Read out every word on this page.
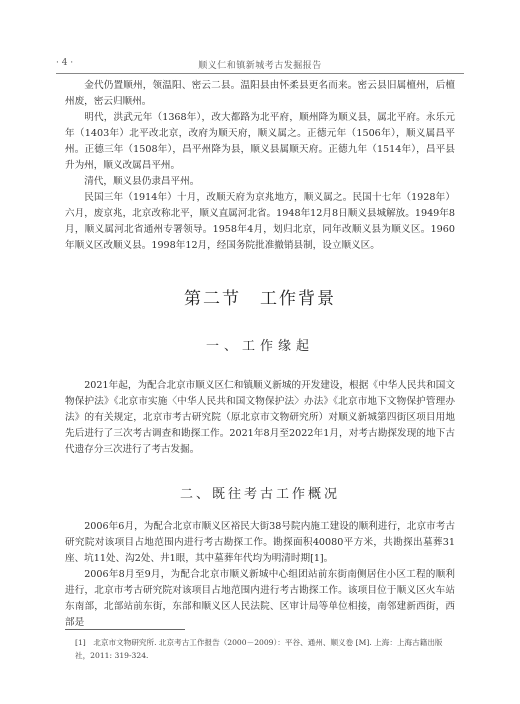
· 4 ·	顺义仁和镇新城考古发掘报告

金代仍置顺州，领温阳、密云二县。温阳县由怀柔县更名而来。密云县旧属檀州，后檀州废，密云归顺州。

明代，洪武元年（1368年），改大都路为北平府，顺州降为顺义县，属北平府。永乐元年（1403年）北平改北京，改府为顺天府，顺义属之。正德元年（1506年），顺义属昌平州。正德三年（1508年），昌平州降为县，顺义县属顺天府。正德九年（1514年），昌平县升为州，顺义改属昌平州。

清代，顺义县仍隶昌平州。

民国三年（1914年）十月，改顺天府为京兆地方，顺义属之。民国十七年（1928年）六月，废京兆，北京改称北平，顺义直属河北省。1948年12月8日顺义县城解放。1949年8月，顺义属河北省通州专署领导。1958年4月，划归北京，同年改顺义县为顺义区。1960年顺义区改顺义县。1998年12月，经国务院批准撤销县制，设立顺义区。

第二节　工作背景
一、工作缘起

2021年起，为配合北京市顺义区仁和镇顺义新城的开发建设，根据《中华人民共和国文物保护法》《北京市实施〈中华人民共和国文物保护法〉办法》《北京市地下文物保护管理办法》的有关规定，北京市考古研究院（原北京市文物研究所）对顺义新城第四街区项目用地先后进行了三次考古调查和勘探工作。2021年8月至2022年1月，对考古勘探发现的地下古代遗存分三次进行了考古发掘。

二、既往考古工作概况

2006年6月，为配合北京市顺义区裕民大街38号院内施工建设的顺利进行，北京市考古研究院对该项目占地范围内进行考古勘探工作。勘探面积40080平方米，共勘探出墓葬31座、坑11处、沟2处、井1眼，其中墓葬年代均为明清时期[1]。

2006年8月至9月，为配合北京市顺义新城中心组团站前东街南侧居住小区工程的顺利进行，北京市考古研究院对该项目占地范围内进行考古勘探工作。该项目位于顺义区火车站东南部，北部站前东街，东部和顺义区人民法院、区审计局等单位相接，南邻建新西街，西部是

[1]　北京市文物研究所. 北京考古工作报告（2000－2009）：平谷、通州、顺义卷 [M]. 上海：上海古籍出版社，2011: 319-324.
